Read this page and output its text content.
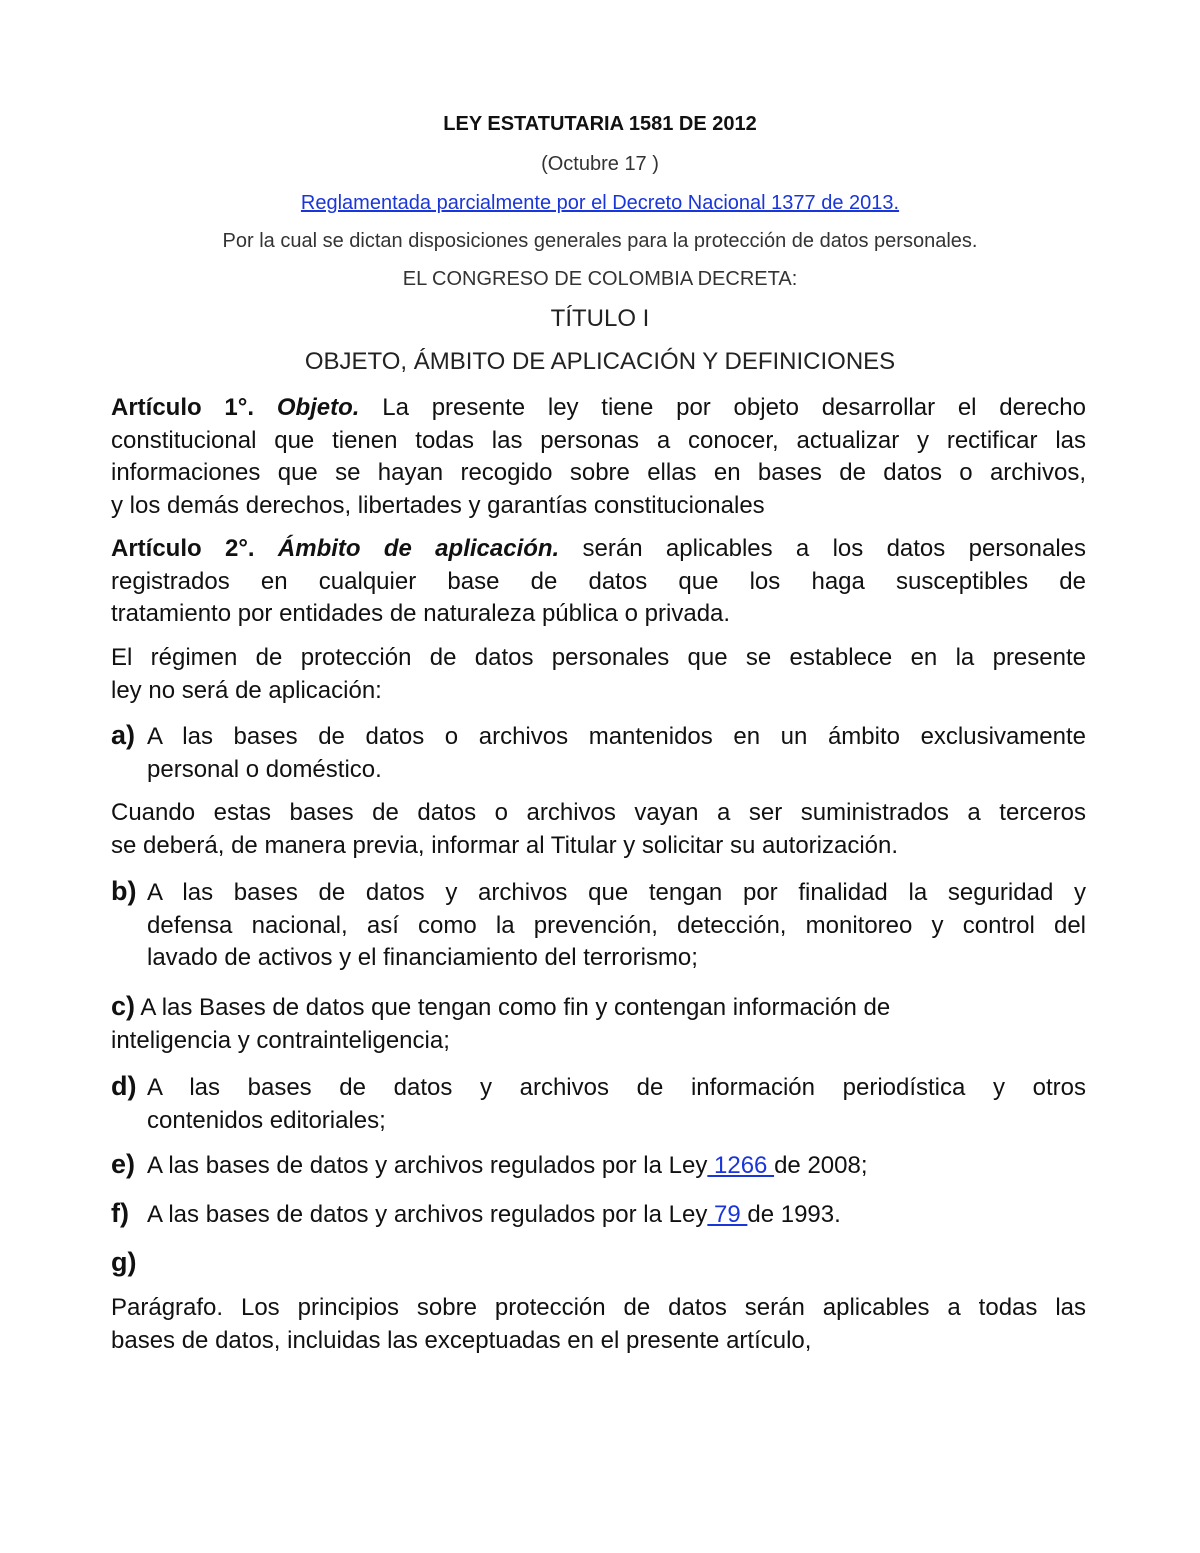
LEY ESTATUTARIA 1581 DE 2012
(Octubre 17 )
Reglamentada parcialmente por el Decreto Nacional 1377 de 2013.
Por la cual se dictan disposiciones generales para la protección de datos personales.
EL CONGRESO DE COLOMBIA DECRETA:
TÍTULO I
OBJETO, ÁMBITO DE APLICACIÓN Y DEFINICIONES
Artículo 1°. Objeto. La presente ley tiene por objeto desarrollar el derecho
constitucional que tienen todas las personas a conocer, actualizar y rectificar las
informaciones que se hayan recogido sobre ellas en bases de datos o archivos,
y los demás derechos, libertades y garantías constitucionales
Artículo 2°. Ámbito de aplicación. serán aplicables a los datos personales
registrados en cualquier base de datos que los haga susceptibles de
tratamiento por entidades de naturaleza pública o privada.
El régimen de protección de datos personales que se establece en la presente
ley no será de aplicación:
a) A las bases de datos o archivos mantenidos en un ámbito exclusivamente
personal o doméstico.
Cuando estas bases de datos o archivos vayan a ser suministrados a terceros
se deberá, de manera previa, informar al Titular y solicitar su autorización.
b) A las bases de datos y archivos que tengan por finalidad la seguridad y
defensa nacional, así como la prevención, detección, monitoreo y control del
lavado de activos y el financiamiento del terrorismo;
c) A las Bases de datos que tengan como fin y contengan información de
inteligencia y contrainteligencia;
d) A las bases de datos y archivos de información periodística y otros
contenidos editoriales;
e) A las bases de datos y archivos regulados por la Ley 1266 de 2008;
f) A las bases de datos y archivos regulados por la Ley 79 de 1993.
g)
Parágrafo. Los principios sobre protección de datos serán aplicables a todas las
bases de datos, incluidas las exceptuadas en el presente artículo,
